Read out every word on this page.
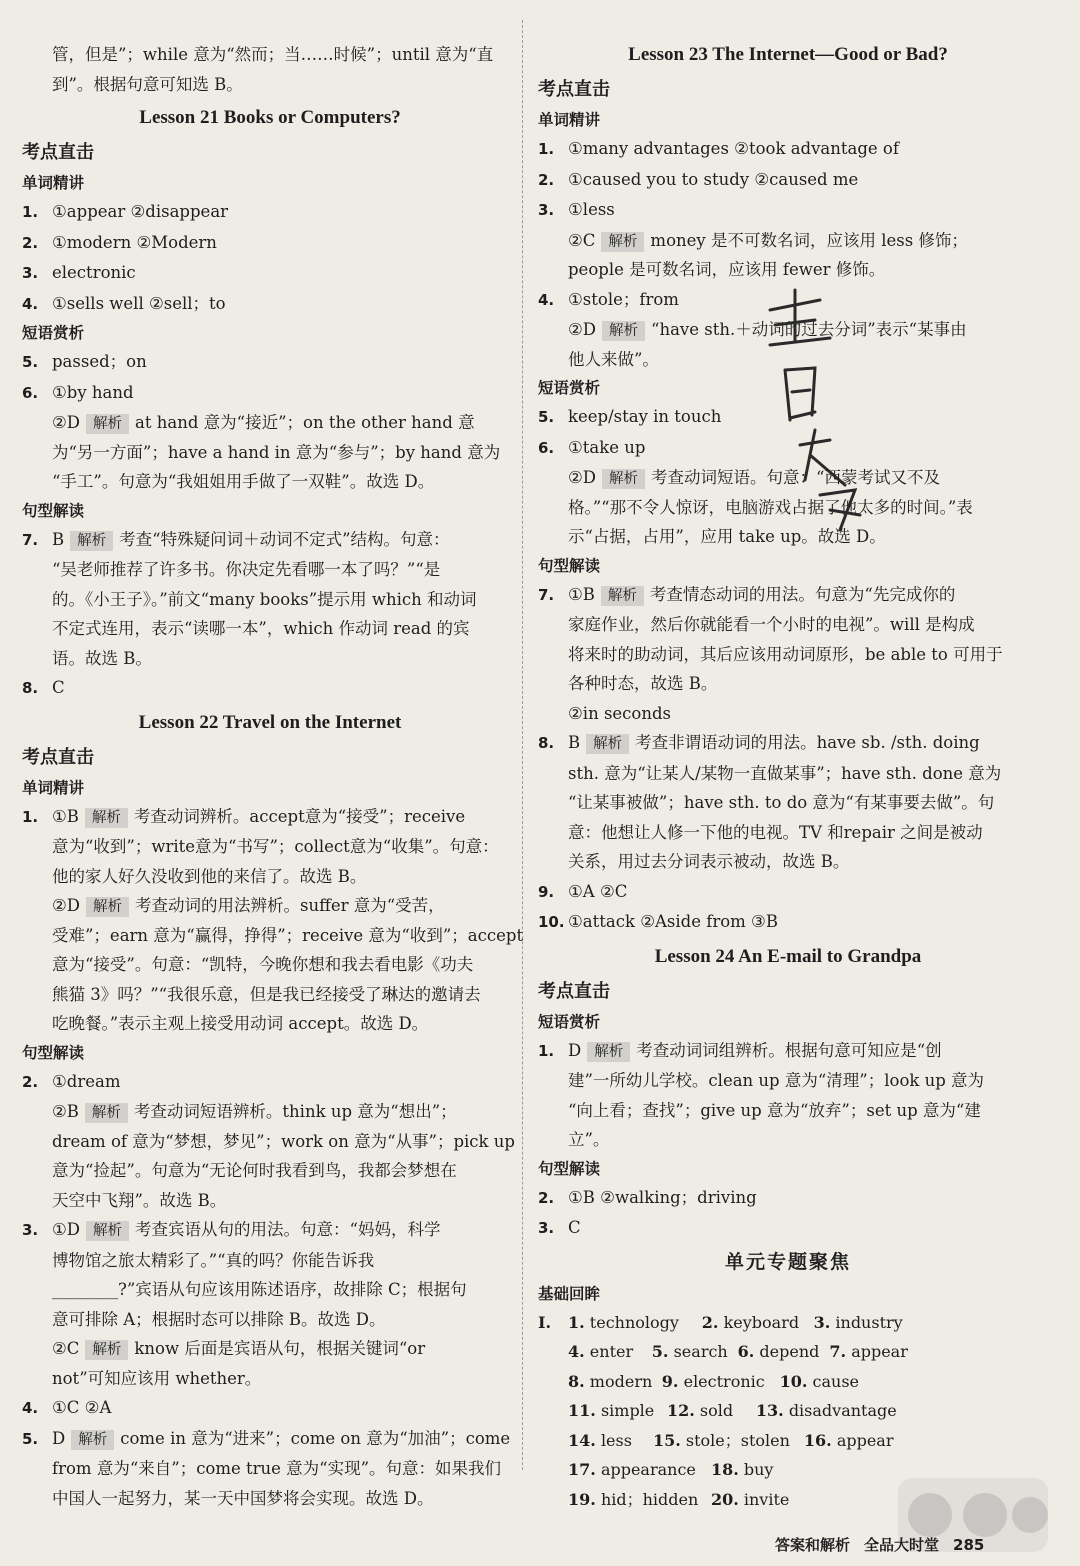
管，但是”；while 意为“然而；当……时候”；until 意为“直
到”。根据句意可知选 B。
Lesson 21 Books or Computers?
考点直击
单词精讲
1. ①appear ②disappear
2. ①modern ②Modern
3. electronic
4. ①sells well ②sell；to
短语赏析
5. passed；on
6. ①by hand
②D 解析 at hand 意为“接近”；on the other hand 意
为“另一方面”；have a hand in 意为“参与”；by hand 意为
“手工”。句意为“我姐姐用手做了一双鞋”。故选 D。
句型解读
7. B 解析 考查“特殊疑问词＋动词不定式”结构。句意：
“吴老师推荐了许多书。你决定先看哪一本了吗？”“是
的。《小王子》。”前文“many books”提示用 which 和动词
不定式连用，表示“读哪一本”，which 作动词 read 的宾
语。故选 B。
8. C
Lesson 22 Travel on the Internet
考点直击
单词精讲
1. ①B 解析 考查动词辨析。accept意为“接受”；receive
意为“收到”；write意为“书写”；collect意为“收集”。句意：
他的家人好久没收到他的来信了。故选 B。
②D 解析 考查动词的用法辨析。suffer 意为“受苦，
受难”；earn 意为“赢得，挣得”；receive 意为“收到”；accept
意为“接受”。句意：“凯特，今晚你想和我去看电影《功夫
熊猫 3》吗？”“我很乐意，但是我已经接受了琳达的邀请去
吃晚餐。”表示主观上接受用动词 accept。故选 D。
句型解读
2. ①dream
②B 解析 考查动词短语辨析。think up 意为“想出”；
dream of 意为“梦想，梦见”；work on 意为“从事”；pick up
意为“捡起”。句意为“无论何时我看到鸟，我都会梦想在
天空中飞翔”。故选 B。
3. ①D 解析 考查宾语从句的用法。句意：“妈妈，科学
博物馆之旅太精彩了。”“真的吗？你能告诉我
________?”宾语从句应该用陈述语序，故排除 C；根据句
意可排除 A；根据时态可以排除 B。故选 D。
②C 解析 know 后面是宾语从句，根据关键词“or
not”可知应该用 whether。
4. ①C ②A
5. D 解析 come in 意为“进来”；come on 意为“加油”；come
from 意为“来自”；come true 意为“实现”。句意：如果我们
中国人一起努力，某一天中国梦将会实现。故选 D。
Lesson 23 The Internet—Good or Bad?
考点直击
单词精讲
1. ①many advantages ②took advantage of
2. ①caused you to study ②caused me
3. ①less
②C 解析 money 是不可数名词，应该用 less 修饰；
people 是可数名词，应该用 fewer 修饰。
4. ①stole；from
②D 解析 “have sth.＋动词的过去分词”表示“某事由
他人来做”。
短语赏析
5. keep/stay in touch
6. ①take up
②D 解析 考查动词短语。句意：“西蒙考试又不及
格。”“那不令人惊讶，电脑游戏占据了他太多的时间。”表
示“占据，占用”，应用 take up。故选 D。
句型解读
7. ①B 解析 考查情态动词的用法。句意为“先完成你的
家庭作业，然后你就能看一个小时的电视”。will 是构成
将来时的助动词，其后应该用动词原形，be able to 可用于
各种时态，故选 B。
②in seconds
8. B 解析 考查非谓语动词的用法。have sb. /sth. doing
sth. 意为“让某人/某物一直做某事”；have sth. done 意为
“让某事被做”；have sth. to do 意为“有某事要去做”。句
意：他想让人修一下他的电视。TV 和repair 之间是被动
关系，用过去分词表示被动，故选 B。
9. ①A ②C
10. ①attack ②Aside from ③B
Lesson 24 An E-mail to Grandpa
考点直击
短语赏析
1. D 解析 考查动词词组辨析。根据句意可知应是“创
建”一所幼儿学校。clean up 意为“清理”；look up 意为
“向上看；查找”；give up 意为“放弃”；set up 意为“建
立”。
句型解读
2. ①B ②walking；driving
3. C
单元专题聚焦
基础回眸
Ⅰ. 1. technology 2. keyboard 3. industry
4. enter 5. search 6. depend 7. appear
8. modern 9. electronic 10. cause
11. simple 12. sold 13. disadvantage
14. less 15. stole；stolen 16. appear
17. appearance 18. buy
19. hid；hidden 20. invite
答案和解析 全品大时堂 285
